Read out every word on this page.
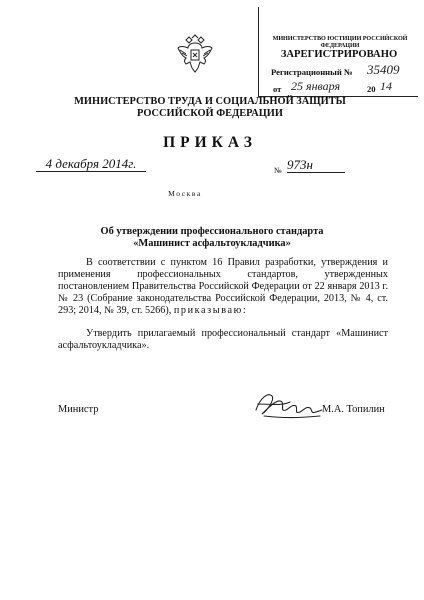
МИНИСТЕРСТВО ЮСТИЦИИ РОССИЙСКОЙ ФЕДЕРАЦИИ
ЗАРЕГИСТРИРОВАНО
Регистрационный № 35409
от 25 января	20 14
МИНИСТЕРСТВО ТРУДА И СОЦИАЛЬНОЙ ЗАЩИТЫ
РОССИЙСКОЙ ФЕДЕРАЦИИ
ПРИКАЗ
4 декабря 2014г.	№ 973н
Москва
Об утверждении профессионального стандарта
«Машинист асфальтоукладчика»
В соответствии с пунктом 16 Правил разработки, утверждения и применения профессиональных стандартов, утвержденных постановлением Правительства Российской Федерации от 22 января 2013 г. № 23 (Собрание законодательства Российской Федерации, 2013, № 4, ст. 293; 2014, № 39, ст. 5266), приказываю:
Утвердить прилагаемый профессиональный стандарт «Машинист асфальтоукладчика».
Министр	М.А. Топилин
